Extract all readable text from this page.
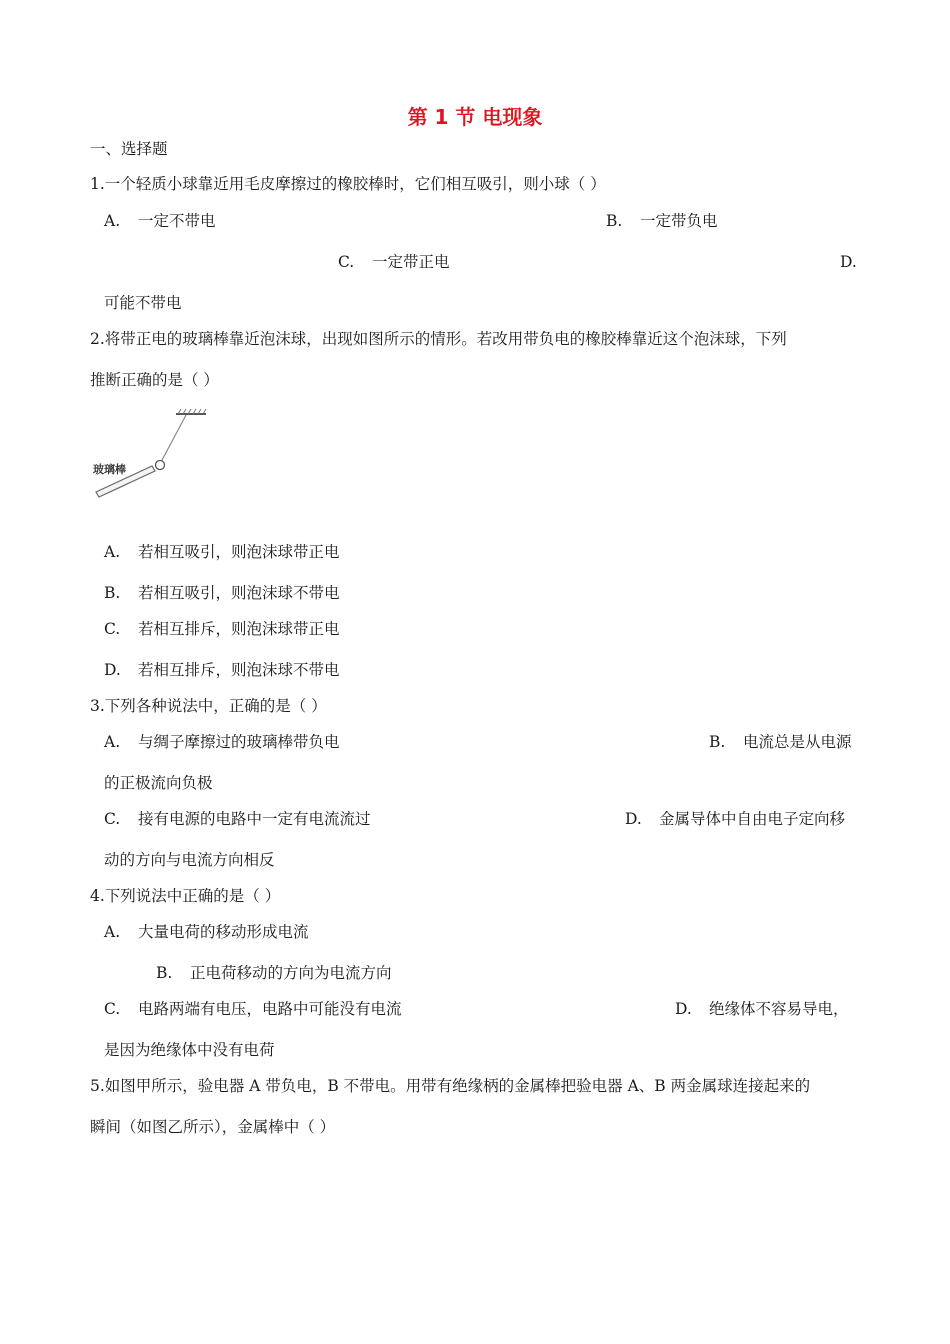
第 1 节 电现象
一、选择题
1.一个轻质小球靠近用毛皮摩擦过的橡胶棒时，它们相互吸引，则小球（ ）
A. 一定不带电	B. 一定带负电
C. 一定带正电	D.
可能不带电
2.将带正电的玻璃棒靠近泡沫球，出现如图所示的情形。若改用带负电的橡胶棒靠近这个泡沫球，下列
推断正确的是（ ）
玻璃棒
A. 若相互吸引，则泡沫球带正电
B. 若相互吸引，则泡沫球不带电
C. 若相互排斥，则泡沫球带正电
D. 若相互排斥，则泡沫球不带电
3.下列各种说法中，正确的是（ ）
A. 与绸子摩擦过的玻璃棒带负电	B. 电流总是从电源
的正极流向负极
C. 接有电源的电路中一定有电流流过	D. 金属导体中自由电子定向移
动的方向与电流方向相反
4.下列说法中正确的是（ ）
A. 大量电荷的移动形成电流
B. 正电荷移动的方向为电流方向
C. 电路两端有电压，电路中可能没有电流	D. 绝缘体不容易导电，
是因为绝缘体中没有电荷
5.如图甲所示，验电器 A 带负电，B 不带电。用带有绝缘柄的金属棒把验电器 A、B 两金属球连接起来的
瞬间（如图乙所示），金属棒中（ ）
